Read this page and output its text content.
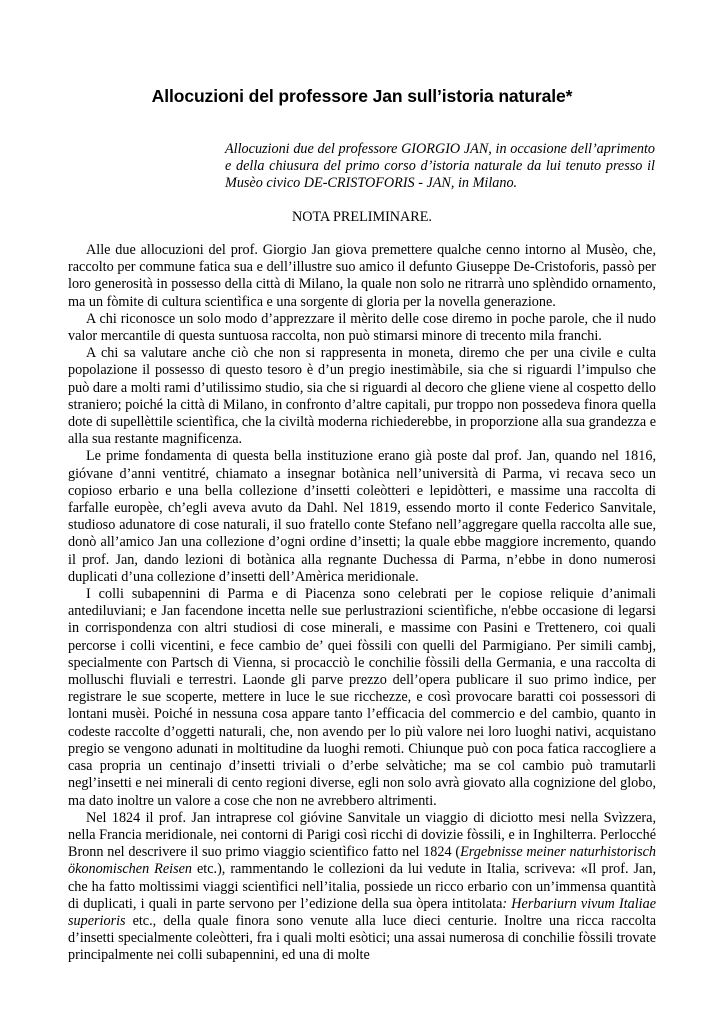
Allocuzioni del professore Jan sull’istoria naturale*
Allocuzioni due del professore GIORGIO JAN, in occasione dell’aprimento e della chiusura del primo corso d’istoria naturale da lui tenuto presso il Musèo civico DE-CRISTOFORIS - JAN, in Milano.
NOTA PRELIMINARE.

Alle due allocuzioni del prof. Giorgio Jan giova premettere qualche cenno intorno al Musèo, che, raccolto per commune fatica sua e dell’illustre suo amico il defunto Giuseppe De-Cristoforis, passò per loro generosità in possesso della città di Milano, la quale non solo ne ritrarrà uno splèndido ornamento, ma un fòmite di cultura scientìfica e una sorgente di gloria per la novella generazione.

A chi riconosce un solo modo d’apprezzare il mèrito delle cose diremo in poche parole, che il nudo valor mercantile di questa suntuosa raccolta, non può stimarsi minore di trecento mila franchi.

A chi sa valutare anche ciò che non si rappresenta in moneta, diremo che per una civile e culta popolazione il possesso di questo tesoro è d’un pregio inestimàbile, sia che si riguardi l’impulso che può dare a molti rami d’utilissimo studio, sia che si riguardi al decoro che gliene viene al cospetto dello straniero; poiché la città di Milano, in confronto d’altre capitali, pur troppo non possedeva finora quella dote di supellèttile scientìfica, che la civiltà moderna richiederebbe, in proporzione alla sua grandezza e alla sua restante magnificenza.

Le prime fondamenta di questa bella instituzione erano già poste dal prof. Jan, quando nel 1816, gióvane d’anni ventitré, chiamato a insegnar botànica nell’università di Parma, vi recava seco un copioso erbario e una bella collezione d’insetti coleòtteri e lepidòtteri, e massime una raccolta di farfalle europèe, ch’egli aveva avuto da Dahl. Nel 1819, essendo morto il conte Federico Sanvitale, studioso adunatore di cose naturali, il suo fratello conte Stefano nell’aggregare quella raccolta alle sue, donò all’amico Jan una collezione d’ogni ordine d’insetti; la quale ebbe maggiore incremento, quando il prof. Jan, dando lezioni di botànica alla regnante Duchessa di Parma, n’ebbe in dono numerosi duplicati d’una collezione d’insetti dell’Amèrica meridionale.

I colli subapennini di Parma e di Piacenza sono celebrati per le copiose reliquie d’animali antediluviani; e Jan facendone incetta nelle sue perlustrazioni scientìfiche, n'ebbe occasione di legarsi in corrispondenza con altri studiosi di cose minerali, e massime con Pasini e Trettenero, coi quali percorse i colli vicentini, e fece cambio de’ quei fòssili con quelli del Parmigiano. Per simili cambj, specialmente con Partsch di Vienna, si procacciò le conchilie fòssili della Germania, e una raccolta di molluschi fluviali e terrestri. Laonde gli parve prezzo dell’opera publicare il suo primo ìndice, per registrare le sue scoperte, mettere in luce le sue ricchezze, e così provocare baratti coi possessori di lontani musèi. Poiché in nessuna cosa appare tanto l’efficacia del commercio e del cambio, quanto in codeste raccolte d’oggetti naturali, che, non avendo per lo più valore nei loro luoghi nativi, acquistano pregio se vengono adunati in moltitudine da luoghi remoti. Chiunque può con poca fatica raccogliere a casa propria un centinajo d’insetti triviali o d’erbe selvàtiche; ma se col cambio può tramutarli negl’insetti e nei minerali di cento regioni diverse, egli non solo avrà giovato alla cognizione del globo, ma dato inoltre un valore a cose che non ne avrebbero altrimenti.

Nel 1824 il prof. Jan intraprese col gióvine Sanvitale un viaggio di diciotto mesi nella Svìzzera, nella Francia meridionale, nei contorni di Parigi così ricchi di dovizie fòssili, e in Inghilterra. Perlocché Bronn nel descrivere il suo primo viaggio scientìfico fatto nel 1824 (Ergebnisse meiner naturhistorisch ökonomischen Reisen etc.), rammentando le collezioni da lui vedute in Italia, scriveva: «Il prof. Jan, che ha fatto moltissimi viaggi scientìfici nell’italia, possiede un ricco erbario con un’immensa quantità di duplicati, i quali in parte servono per l’edizione della sua òpera intitolata: Herbariurn vivum Italiae superioris etc., della quale finora sono venute alla luce dieci centurie. Inoltre una ricca raccolta d’insetti specialmente coleòtteri, fra i quali molti esòtici; una assai numerosa di conchilie fòssili trovate principalmente nei colli subapennini, ed una di molte
